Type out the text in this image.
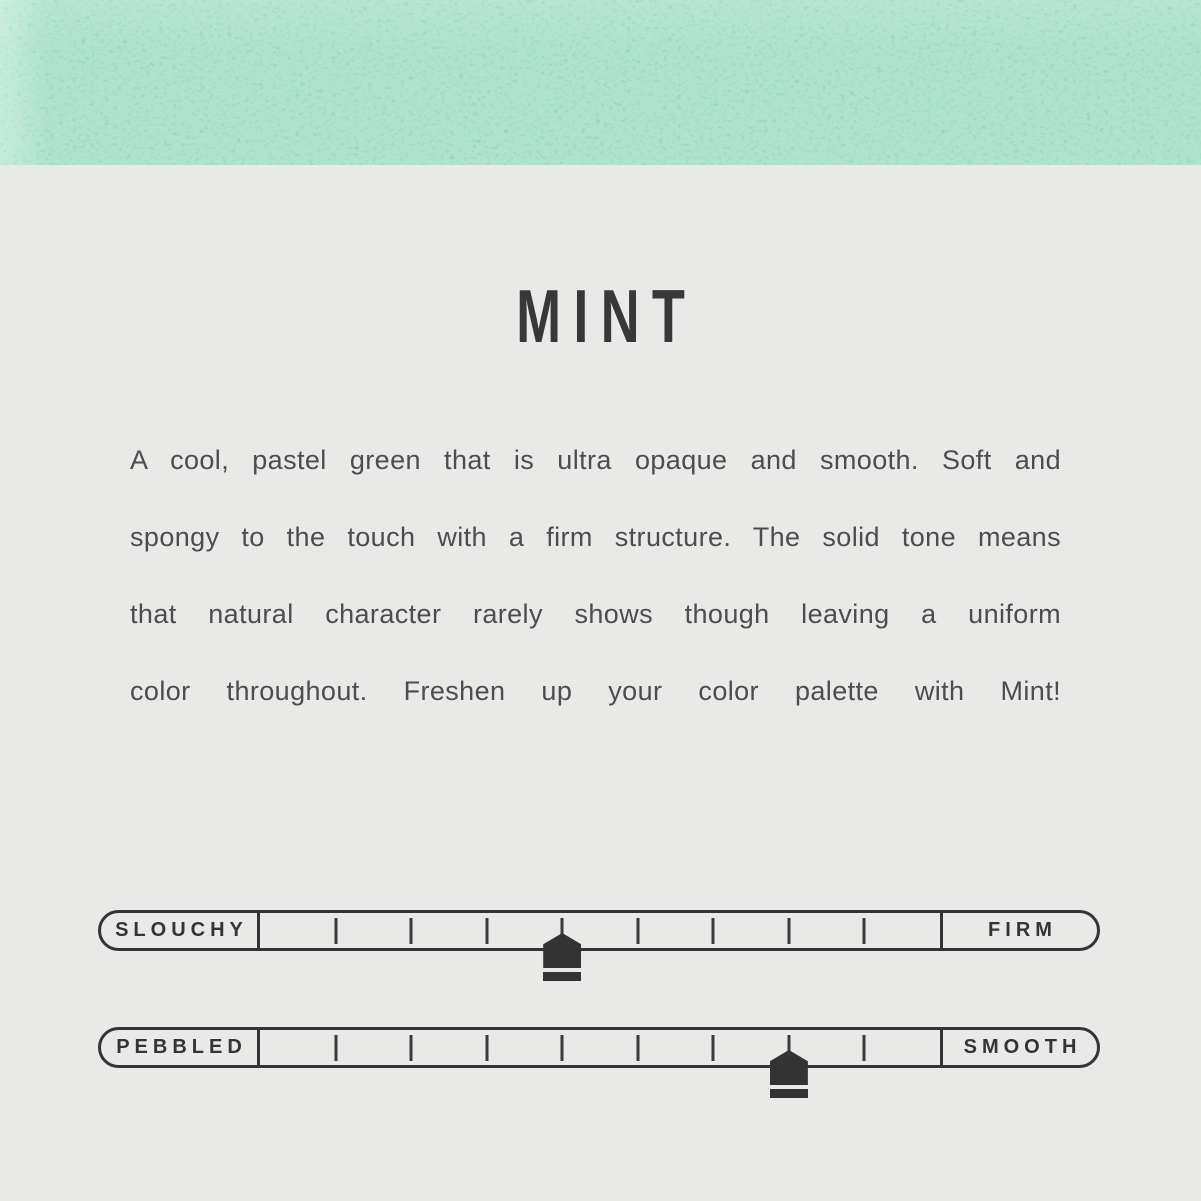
MINT
A cool, pastel green that is ultra opaque and smooth. Soft and
spongy to the touch with a firm structure. The solid tone means
that natural character rarely shows though leaving a uniform
color throughout. Freshen up your color palette with Mint!
SLOUCHY	FIRM
PEBBLED	SMOOTH
